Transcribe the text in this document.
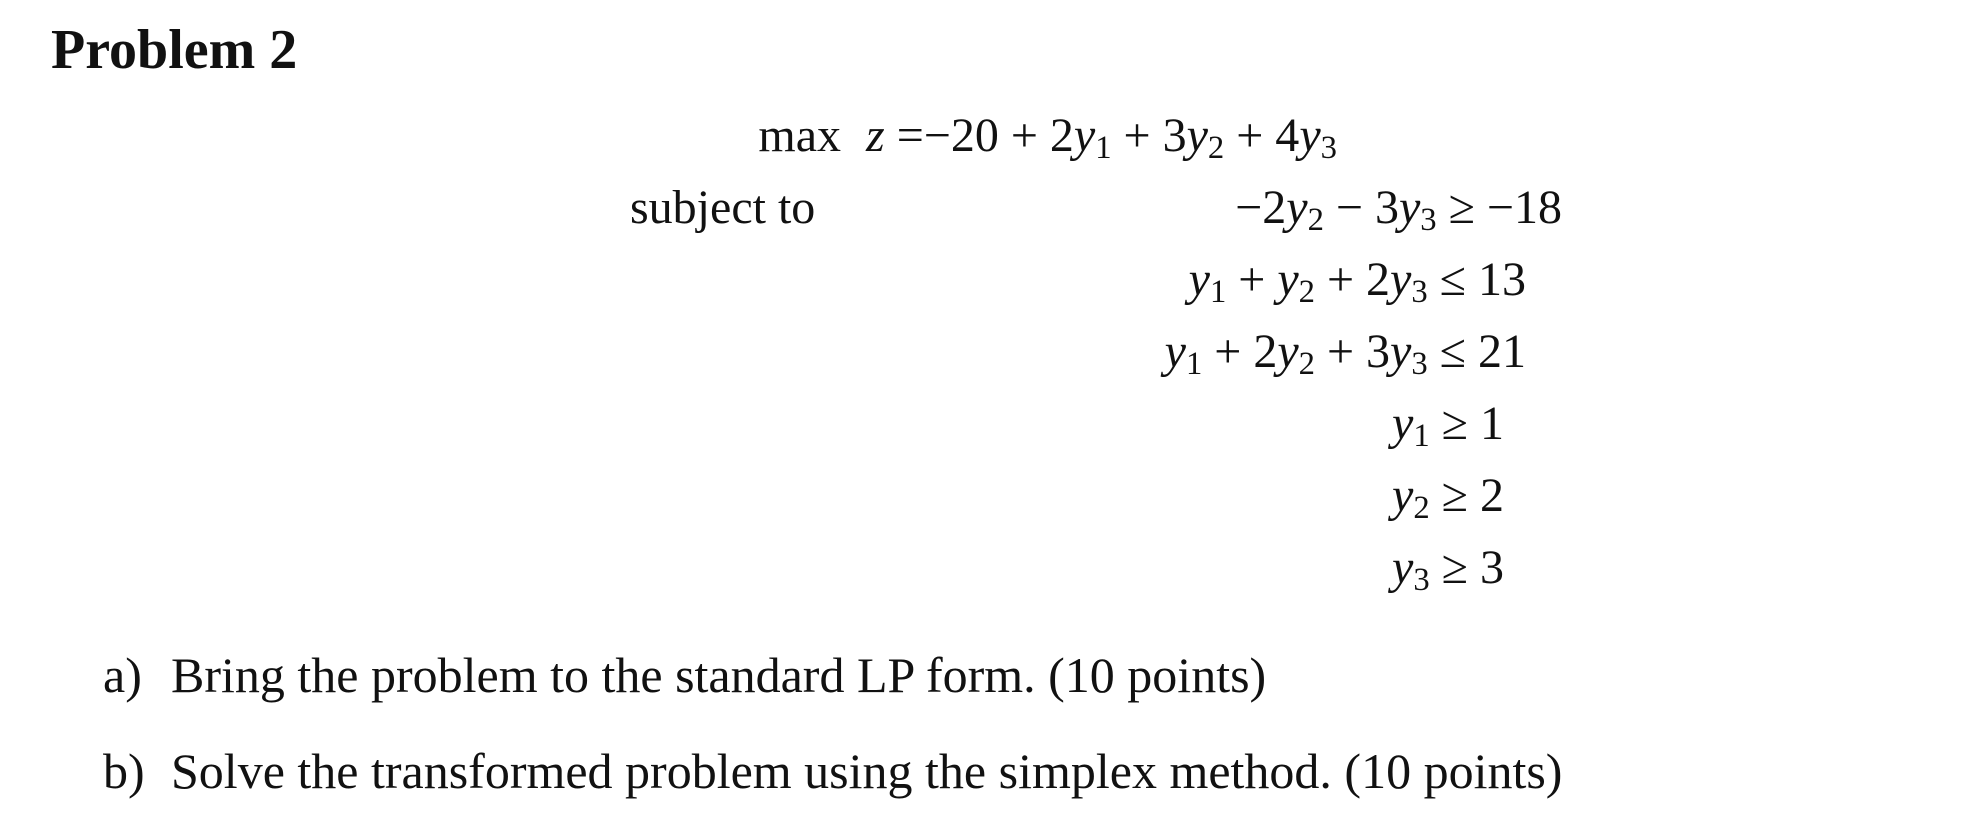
Problem 2
$\max z =-20 + 2y_1 + 3y_2 + 4y_3$
subject to	$-2y_2 - 3y_3 \ge -18$
$y_1 + y_2 + 2y_3 \le 13$
$y_1 + 2y_2 + 3y_3 \le 21$
$y_1 \ge 1$
$y_2 \ge 2$
$y_3 \ge 3$
a) Bring the problem to the standard LP form. (10 points)
b) Solve the transformed problem using the simplex method. (10 points)
